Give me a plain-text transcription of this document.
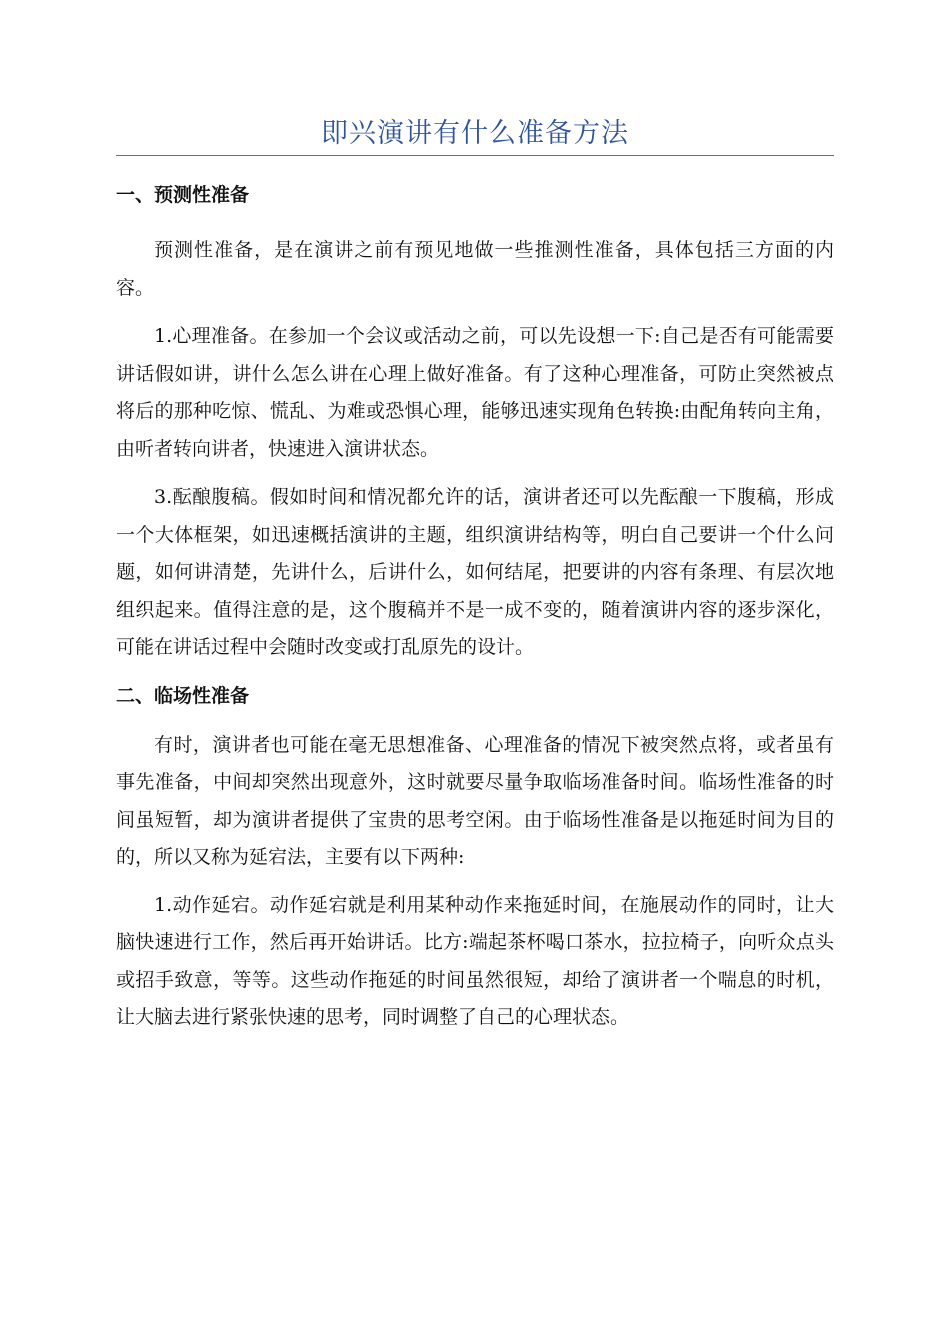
即兴演讲有什么准备方法
一、预测性准备

预测性准备，是在演讲之前有预见地做一些推测性准备，具体包括三方面的内容。

1.心理准备。在参加一个会议或活动之前，可以先设想一下:自己是否有可能需要讲话假如讲，讲什么怎么讲在心理上做好准备。有了这种心理准备，可防止突然被点将后的那种吃惊、慌乱、为难或恐惧心理，能够迅速实现角色转换:由配角转向主角，由听者转向讲者，快速进入演讲状态。

3.酝酿腹稿。假如时间和情况都允许的话，演讲者还可以先酝酿一下腹稿，形成一个大体框架，如迅速概括演讲的主题，组织演讲结构等，明白自己要讲一个什么问题，如何讲清楚，先讲什么，后讲什么，如何结尾，把要讲的内容有条理、有层次地组织起来。值得注意的是，这个腹稿并不是一成不变的，随着演讲内容的逐步深化，可能在讲话过程中会随时改变或打乱原先的设计。

二、临场性准备

有时，演讲者也可能在毫无思想准备、心理准备的情况下被突然点将，或者虽有事先准备，中间却突然出现意外，这时就要尽量争取临场准备时间。临场性准备的时间虽短暂，却为演讲者提供了宝贵的思考空闲。由于临场性准备是以拖延时间为目的的，所以又称为延宕法，主要有以下两种:

1.动作延宕。动作延宕就是利用某种动作来拖延时间，在施展动作的同时，让大脑快速进行工作，然后再开始讲话。比方:端起茶杯喝口茶水，拉拉椅子，向听众点头或招手致意，等等。这些动作拖延的时间虽然很短，却给了演讲者一个喘息的时机，让大脑去进行紧张快速的思考，同时调整了自己的心理状态。
